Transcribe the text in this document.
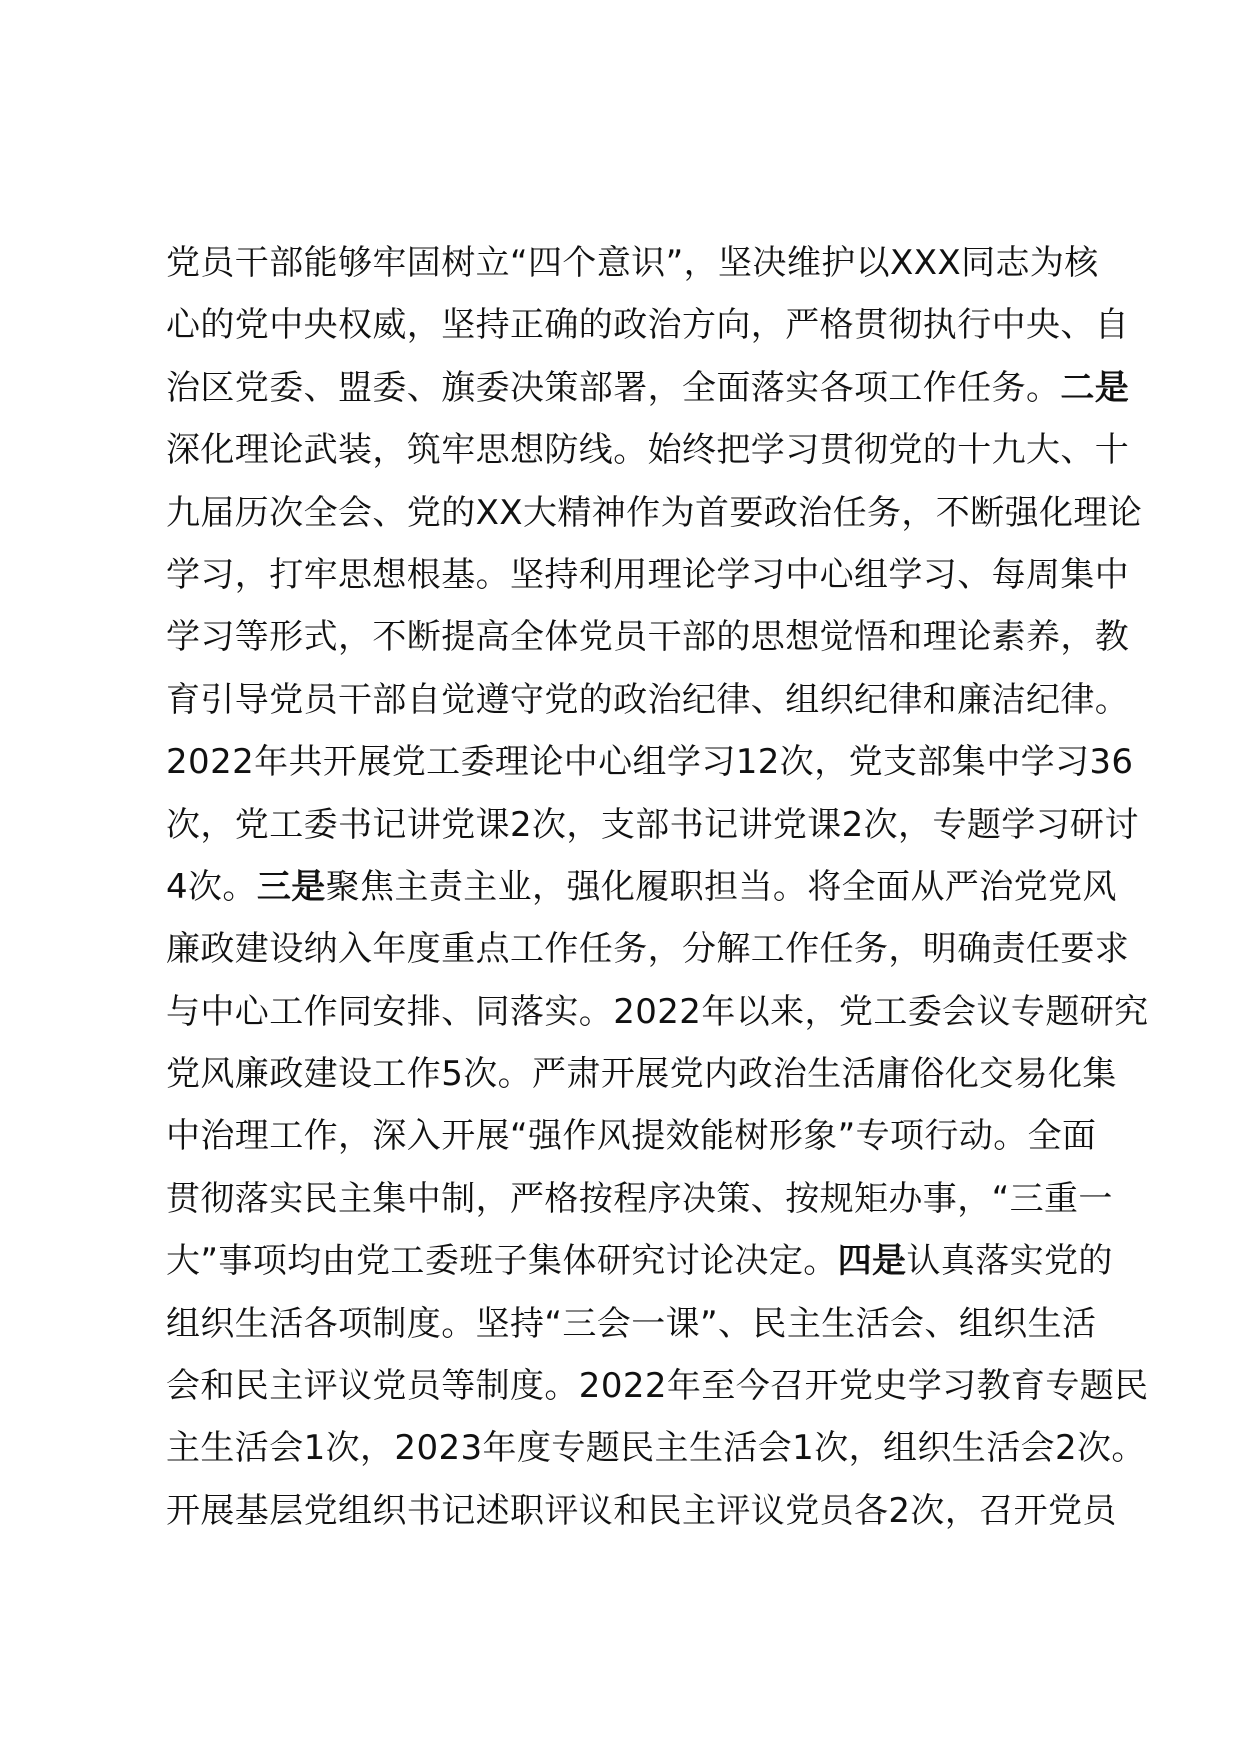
党员干部能够牢固树立“四个意识”，坚决维护以XXX同志为核
心的党中央权威，坚持正确的政治方向，严格贯彻执行中央、自
治区党委、盟委、旗委决策部署，全面落实各项工作任务。二是
深化理论武装，筑牢思想防线。始终把学习贯彻党的十九大、十
九届历次全会、党的XX大精神作为首要政治任务，不断强化理论
学习，打牢思想根基。坚持利用理论学习中心组学习、每周集中
学习等形式，不断提高全体党员干部的思想觉悟和理论素养，教
育引导党员干部自觉遵守党的政治纪律、组织纪律和廉洁纪律。
2022年共开展党工委理论中心组学习12次，党支部集中学习36
次，党工委书记讲党课2次，支部书记讲党课2次，专题学习研讨
4次。三是聚焦主责主业，强化履职担当。将全面从严治党党风
廉政建设纳入年度重点工作任务，分解工作任务，明确责任要求
与中心工作同安排、同落实。2022年以来，党工委会议专题研究
党风廉政建设工作5次。严肃开展党内政治生活庸俗化交易化集
中治理工作，深入开展“强作风提效能树形象”专项行动。全面
贯彻落实民主集中制，严格按程序决策、按规矩办事，“三重一
大”事项均由党工委班子集体研究讨论决定。四是认真落实党的
组织生活各项制度。坚持“三会一课”、民主生活会、组织生活
会和民主评议党员等制度。2022年至今召开党史学习教育专题民
主生活会1次，2023年度专题民主生活会1次，组织生活会2次。
开展基层党组织书记述职评议和民主评议党员各2次，召开党员
